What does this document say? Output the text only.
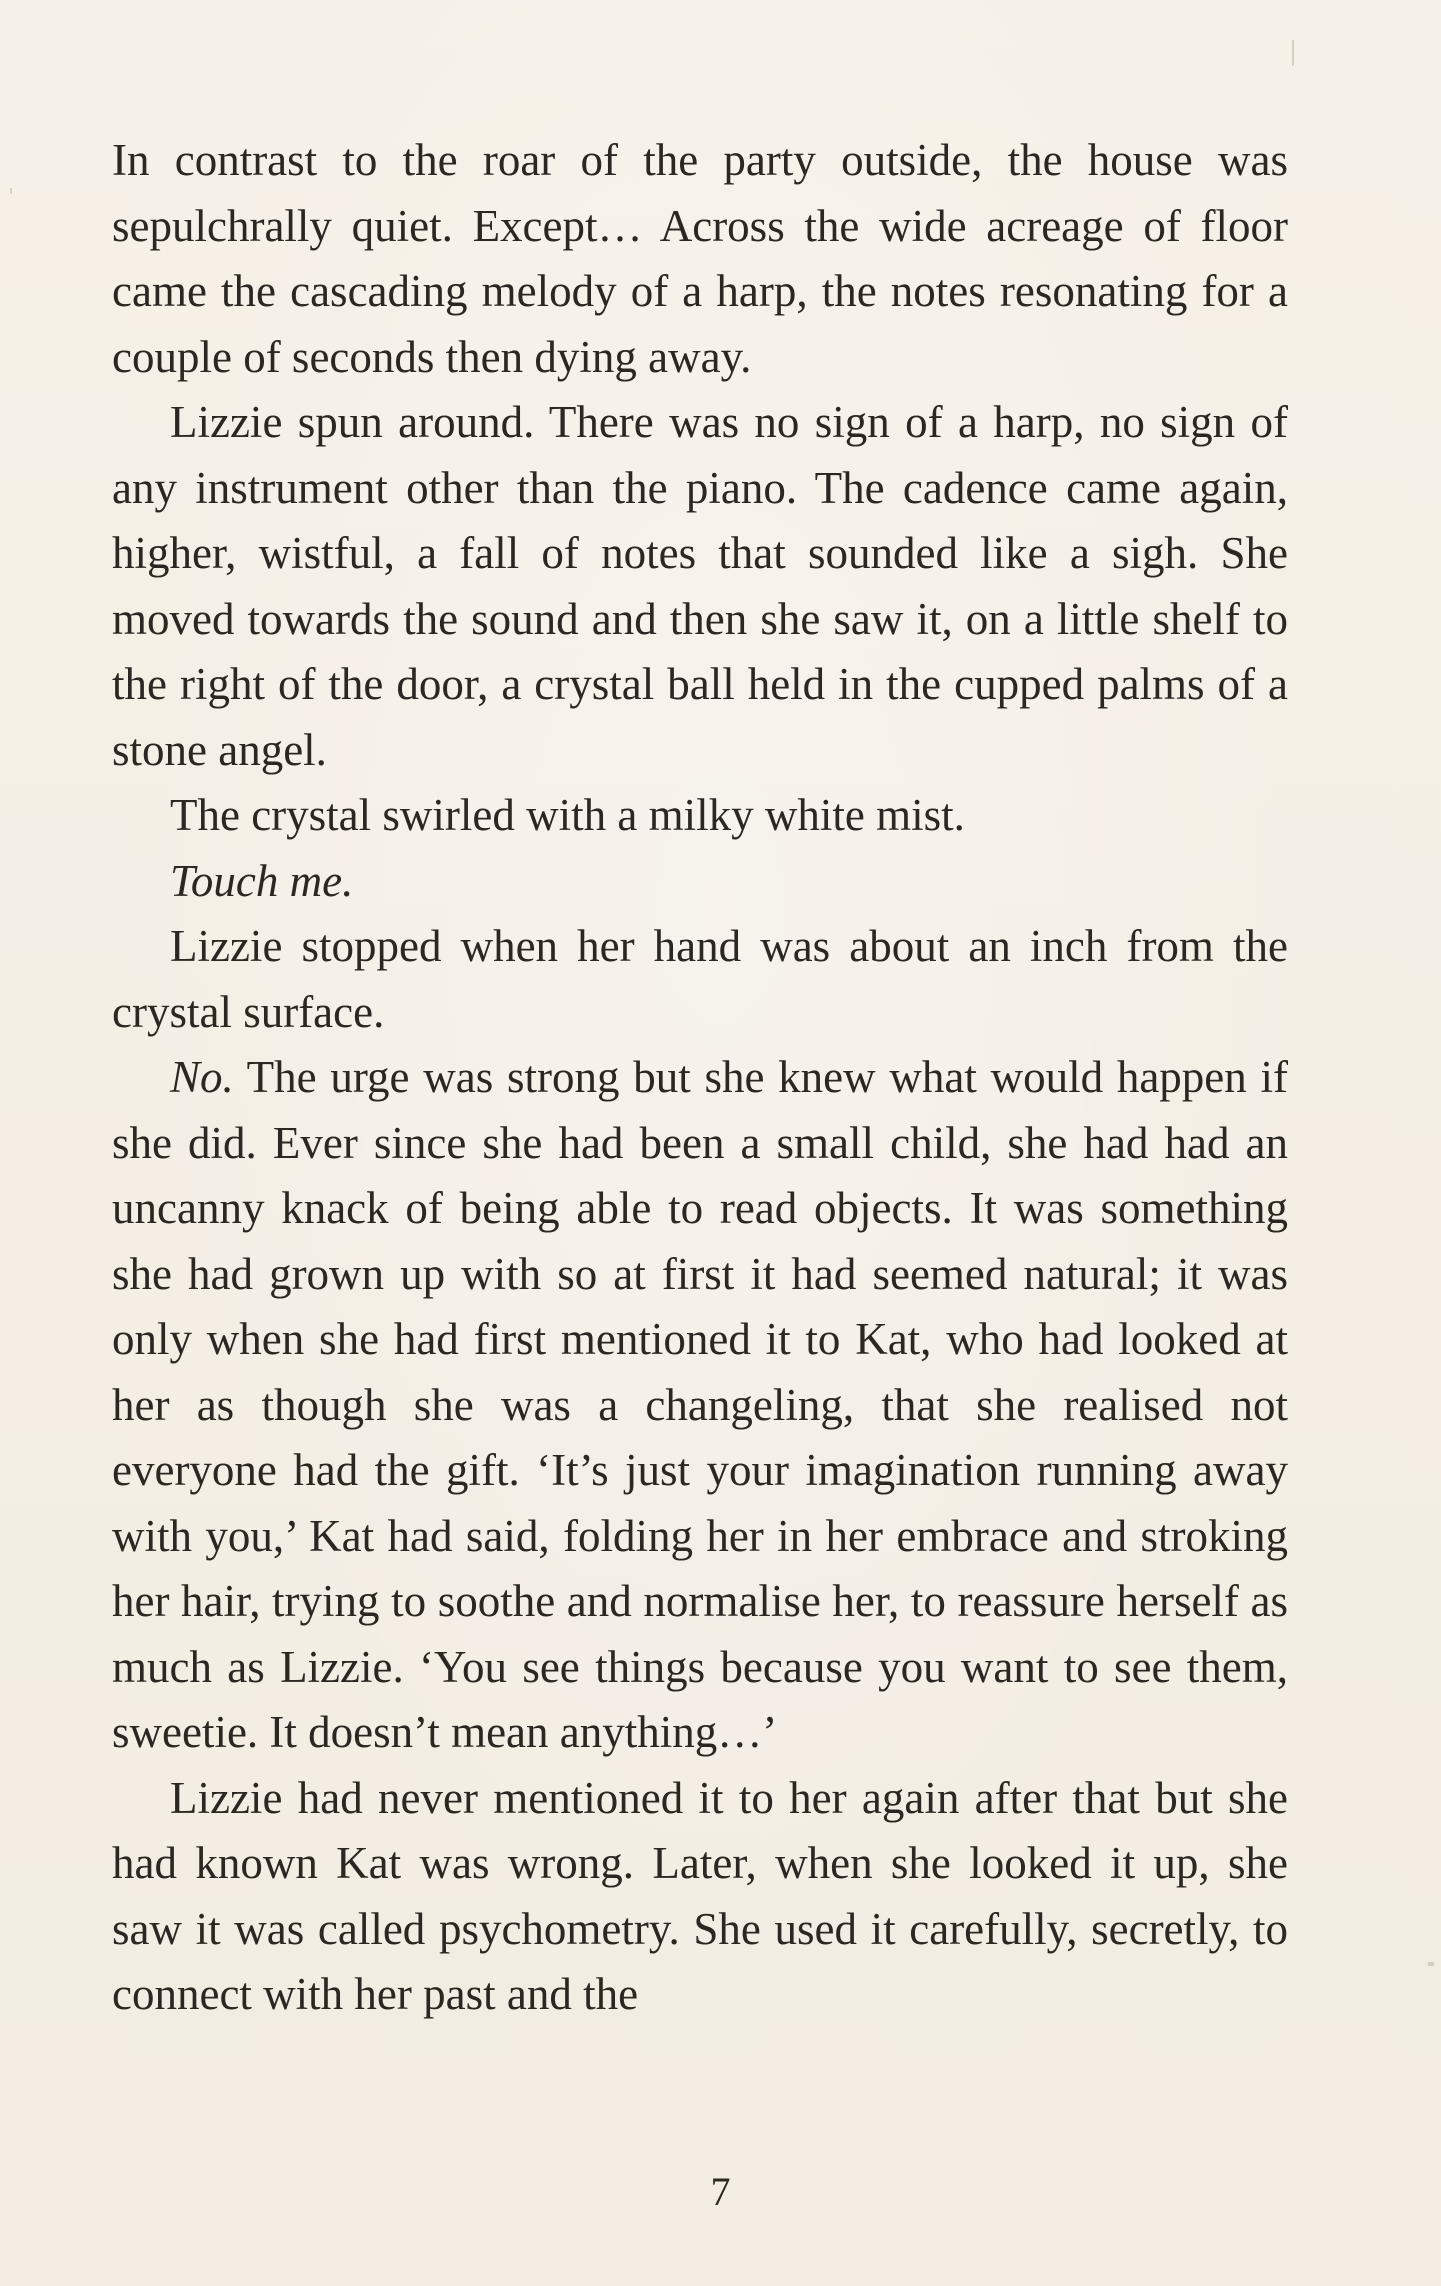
In contrast to the roar of the party outside, the house was sepulchrally quiet. Except… Across the wide acreage of floor came the cascading melody of a harp, the notes resonating for a couple of seconds then dying away.

Lizzie spun around. There was no sign of a harp, no sign of any instrument other than the piano. The cadence came again, higher, wistful, a fall of notes that sounded like a sigh. She moved towards the sound and then she saw it, on a little shelf to the right of the door, a crystal ball held in the cupped palms of a stone angel.

The crystal swirled with a milky white mist.

Touch me.

Lizzie stopped when her hand was about an inch from the crystal surface.

No. The urge was strong but she knew what would happen if she did. Ever since she had been a small child, she had had an uncanny knack of being able to read objects. It was something she had grown up with so at first it had seemed natural; it was only when she had first mentioned it to Kat, who had looked at her as though she was a changeling, that she realised not everyone had the gift. ‘It’s just your imagination running away with you,’ Kat had said, folding her in her embrace and stroking her hair, trying to soothe and normalise her, to reassure herself as much as Lizzie. ‘You see things because you want to see them, sweetie. It doesn’t mean anything…’

Lizzie had never mentioned it to her again after that but she had known Kat was wrong. Later, when she looked it up, she saw it was called psychometry. She used it carefully, secretly, to connect with her past and the

7
